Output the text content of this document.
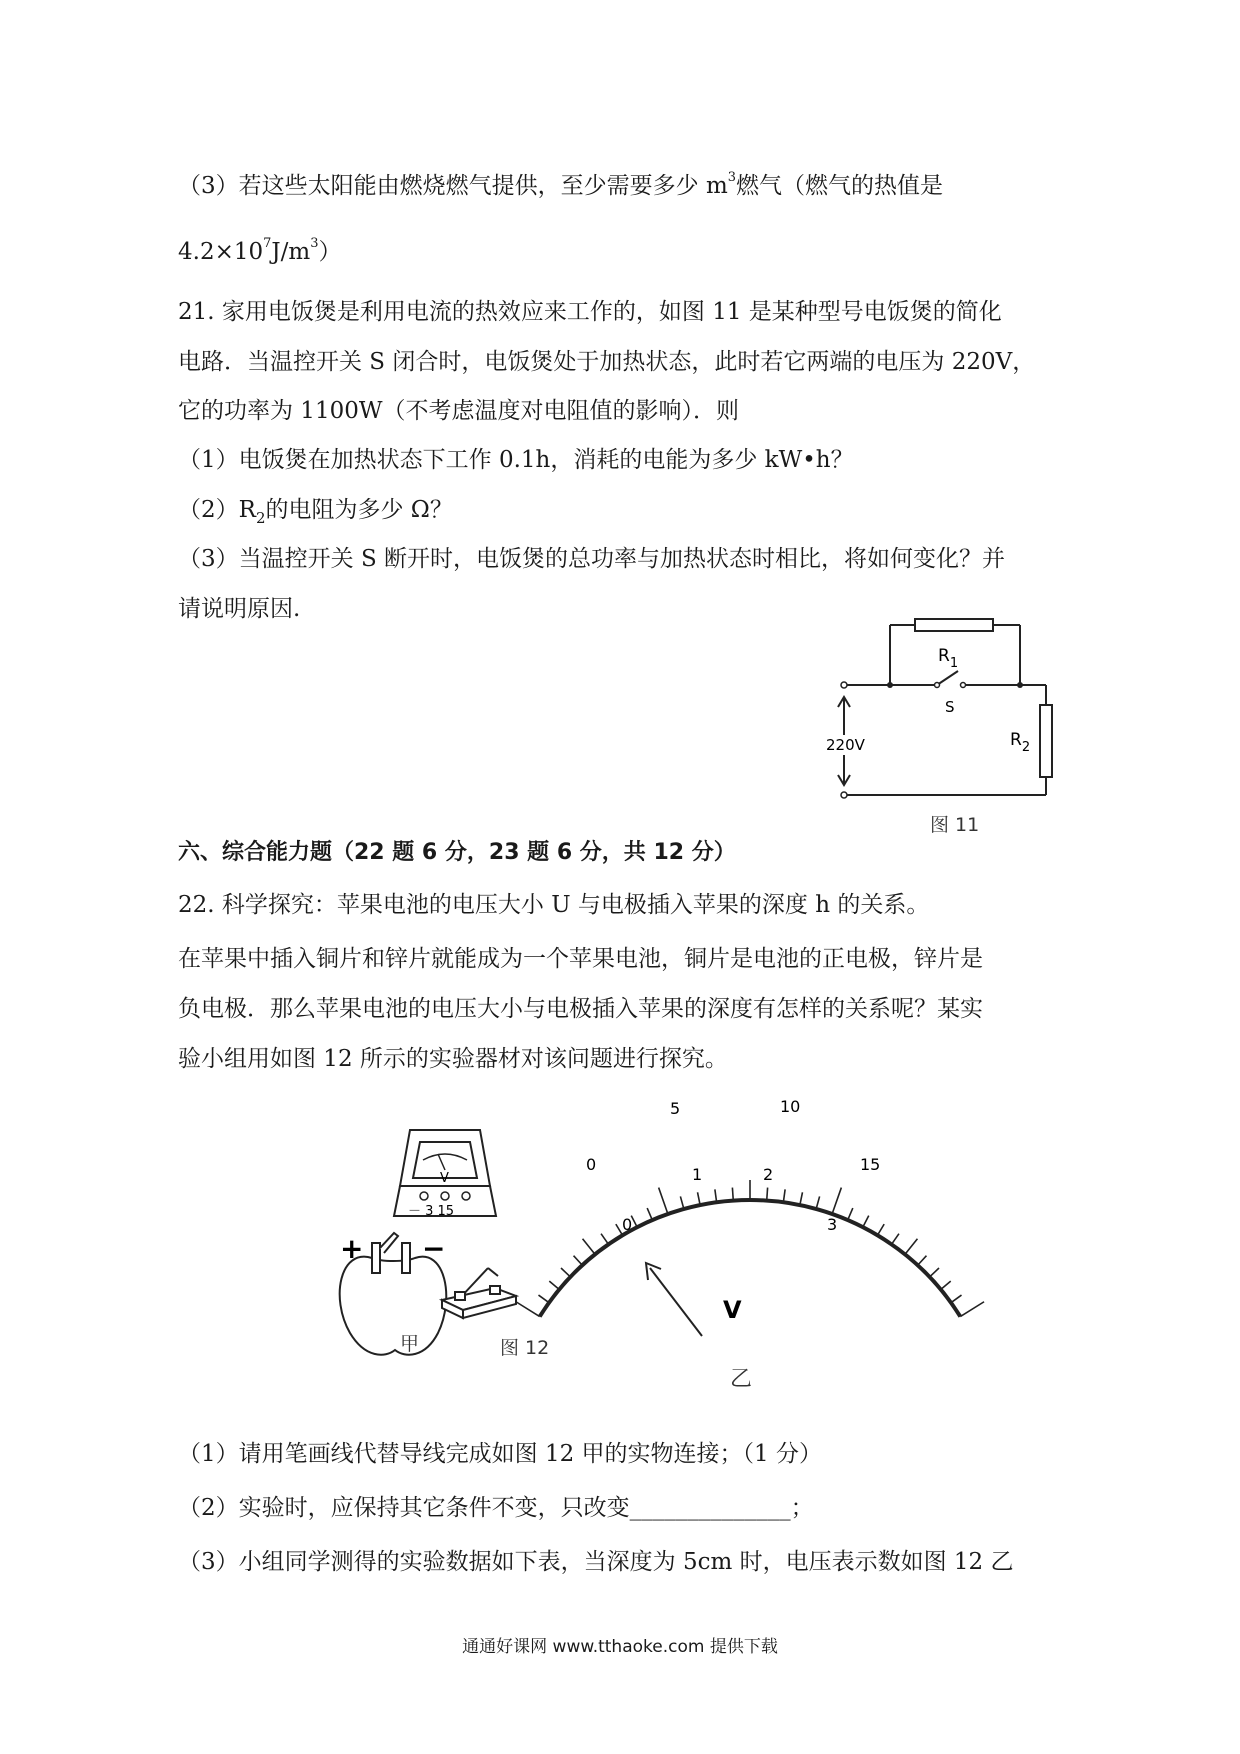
（3）若这些太阳能由燃烧燃气提供，至少需要多少 $m^3$燃气（燃气的热值是
$4.2\times 10^7J/m^3$）
21. 家用电饭煲是利用电流的热效应来工作的，如图 11 是某种型号电饭煲的简化
电路．当温控开关 S 闭合时，电饭煲处于加热状态，此时若它两端的电压为 220V，
它的功率为 1100W（不考虑温度对电阻值的影响）．则
（1）电饭煲在加热状态下工作 0.1h，消耗的电能为多少 kW•h？
$(2)R_2$的电阻为多少 Ω？
（3）当温控开关 S 断开时，电饭煲的总功率与加热状态时相比，将如何变化？并
请说明原因.
$R_1$
S
$R_2$
220V
图 11
六、综合能力题（22 题 6 分，23 题 6 分，共 12 分）
22. 科学探究：苹果电池的电压大小 U 与电极插入苹果的深度 h 的关系。
在苹果中插入铜片和锌片就能成为一个苹果电池，铜片是电池的正电极，锌片是
负电极．那么苹果电池的电压大小与电极插入苹果的深度有怎样的关系呢？某实
验小组用如图 12 所示的实验器材对该问题进行探究。
V
－ 3 15
+ −
甲	图 12
0
5	10
15
0
1	2
3
V
乙
（1）请用笔画线代替导线完成如图 12 甲的实物连接；（1 分）
（2）实验时，应保持其它条件不变，只改变______________；
（3）小组同学测得的实验数据如下表，当深度为 5cm 时，电压表示数如图 12 乙
通通好课网 www.tthaoke.com 提供下载
